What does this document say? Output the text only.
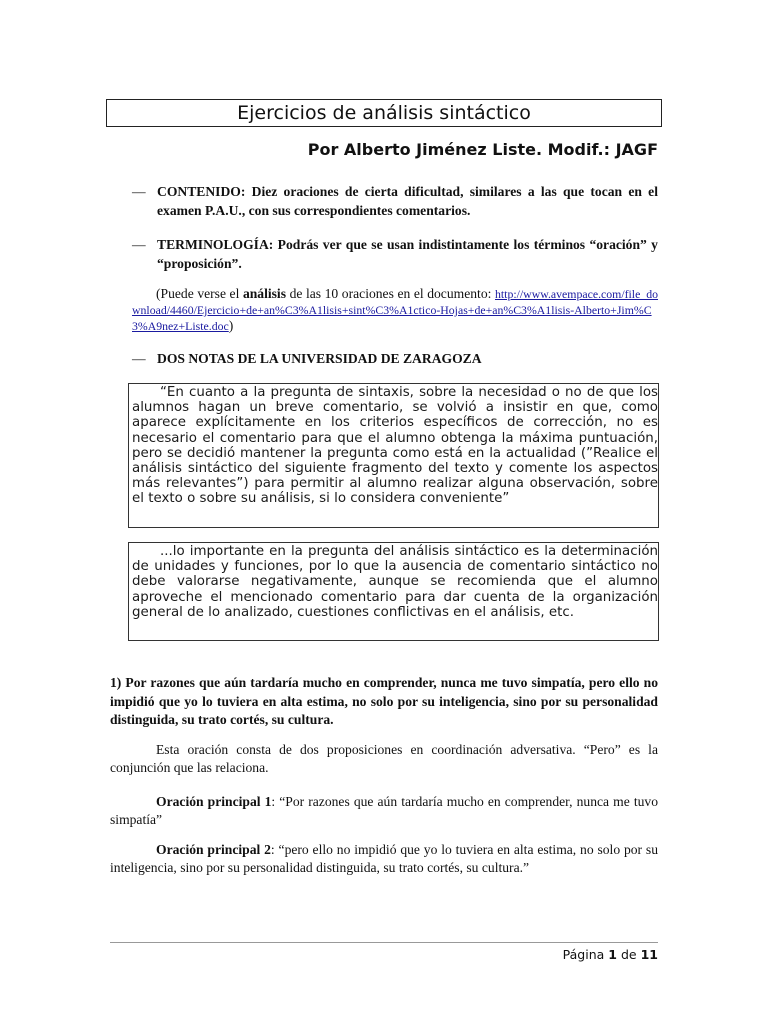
Ejercicios de análisis sintáctico
Por Alberto Jiménez Liste. Modif.: JAGF
— CONTENIDO: Diez oraciones de cierta dificultad, similares a las que tocan en el examen P.A.U., con sus correspondientes comentarios.
— TERMINOLOGÍA: Podrás ver que se usan indistintamente los términos “oración” y “proposición”.
(Puede verse el análisis de las 10 oraciones en el documento: http://www.avempace.com/file_download/4460/Ejercicio+de+an%C3%A1lisis+sint%C3%A1ctico-Hojas+de+an%C3%A1lisis-Alberto+Jim%C3%A9nez+Liste.doc)
— DOS NOTAS DE LA UNIVERSIDAD DE ZARAGOZA
“En cuanto a la pregunta de sintaxis, sobre la necesidad o no de que los alumnos hagan un breve comentario, se volvió a insistir en que, como aparece explícitamente en los criterios específicos de corrección, no es necesario el comentario para que el alumno obtenga la máxima puntuación, pero se decidió mantener la pregunta como está en la actualidad (”Realice el análisis sintáctico del siguiente fragmento del texto y comente los aspectos más relevantes”) para permitir al alumno realizar alguna observación, sobre el texto o sobre su análisis, si lo considera conveniente”
...lo importante en la pregunta del análisis sintáctico es la determinación de unidades y funciones, por lo que la ausencia de comentario sintáctico no debe valorarse negativamente, aunque se recomienda que el alumno aproveche el mencionado comentario para dar cuenta de la organización general de lo analizado, cuestiones conflictivas en el análisis, etc.
1) Por razones que aún tardaría mucho en comprender, nunca me tuvo simpatía, pero ello no impidió que yo lo tuviera en alta estima, no solo por su inteligencia, sino por su personalidad distinguida, su trato cortés, su cultura.
Esta oración consta de dos proposiciones en coordinación adversativa. “Pero” es la conjunción que las relaciona.
Oración principal 1: “Por razones que aún tardaría mucho en comprender, nunca me tuvo simpatía”
Oración principal 2: “pero ello no impidió que yo lo tuviera en alta estima, no solo por su inteligencia, sino por su personalidad distinguida, su trato cortés, su cultura.”
Página 1 de 11
